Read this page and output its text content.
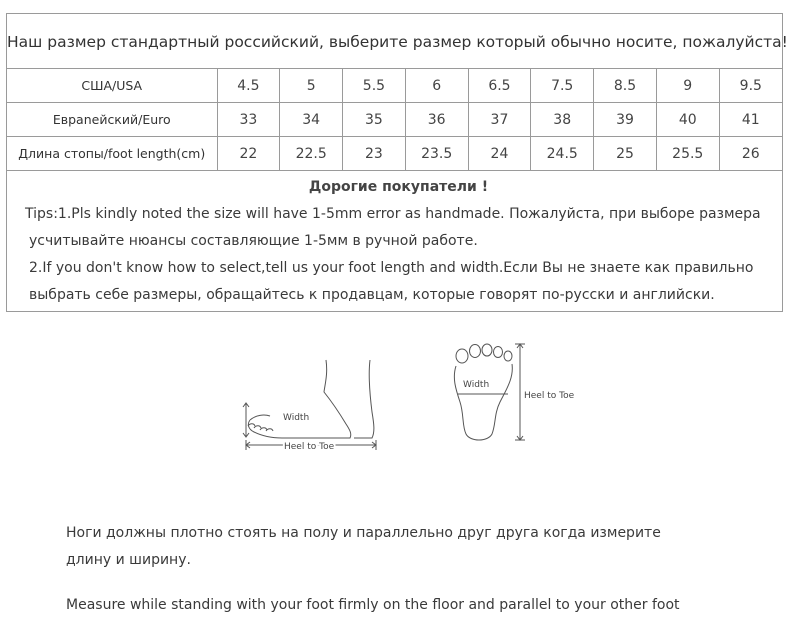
Наш размер стандартный российский, выберите размер который обычно носите, пожалуйста!
США/USA	4.5	5	5.5	6	6.5	7.5	8.5	9	9.5
Евраnейский/Euro	33	34	35	36	37	38	39	40	41
Длина стопы/foot length(cm)	22	22.5	23	23.5	24	24.5	25	25.5	26
Дорогие покупатели !

Tips:1.Pls kindly noted the size will have 1-5mm error as handmade. Пожалуйста, при выборе размера

усчитывайте нюансы составляющие 1-5мм в ручной работе.

2.If you don't know how to select,tell us your foot length and width.Если Вы не знаете как правильно

выбрать себе размеры, обращайтесь к продавцам, которые говорят по-русски и английски.

Width
Heel to Toe
Width
Heel to Toe

Ноги должны плотно стоять на полу и параллельно друг друга когда измерите

длину и ширину.

Measure while standing with your foot firmly on the floor and parallel to your other foot
